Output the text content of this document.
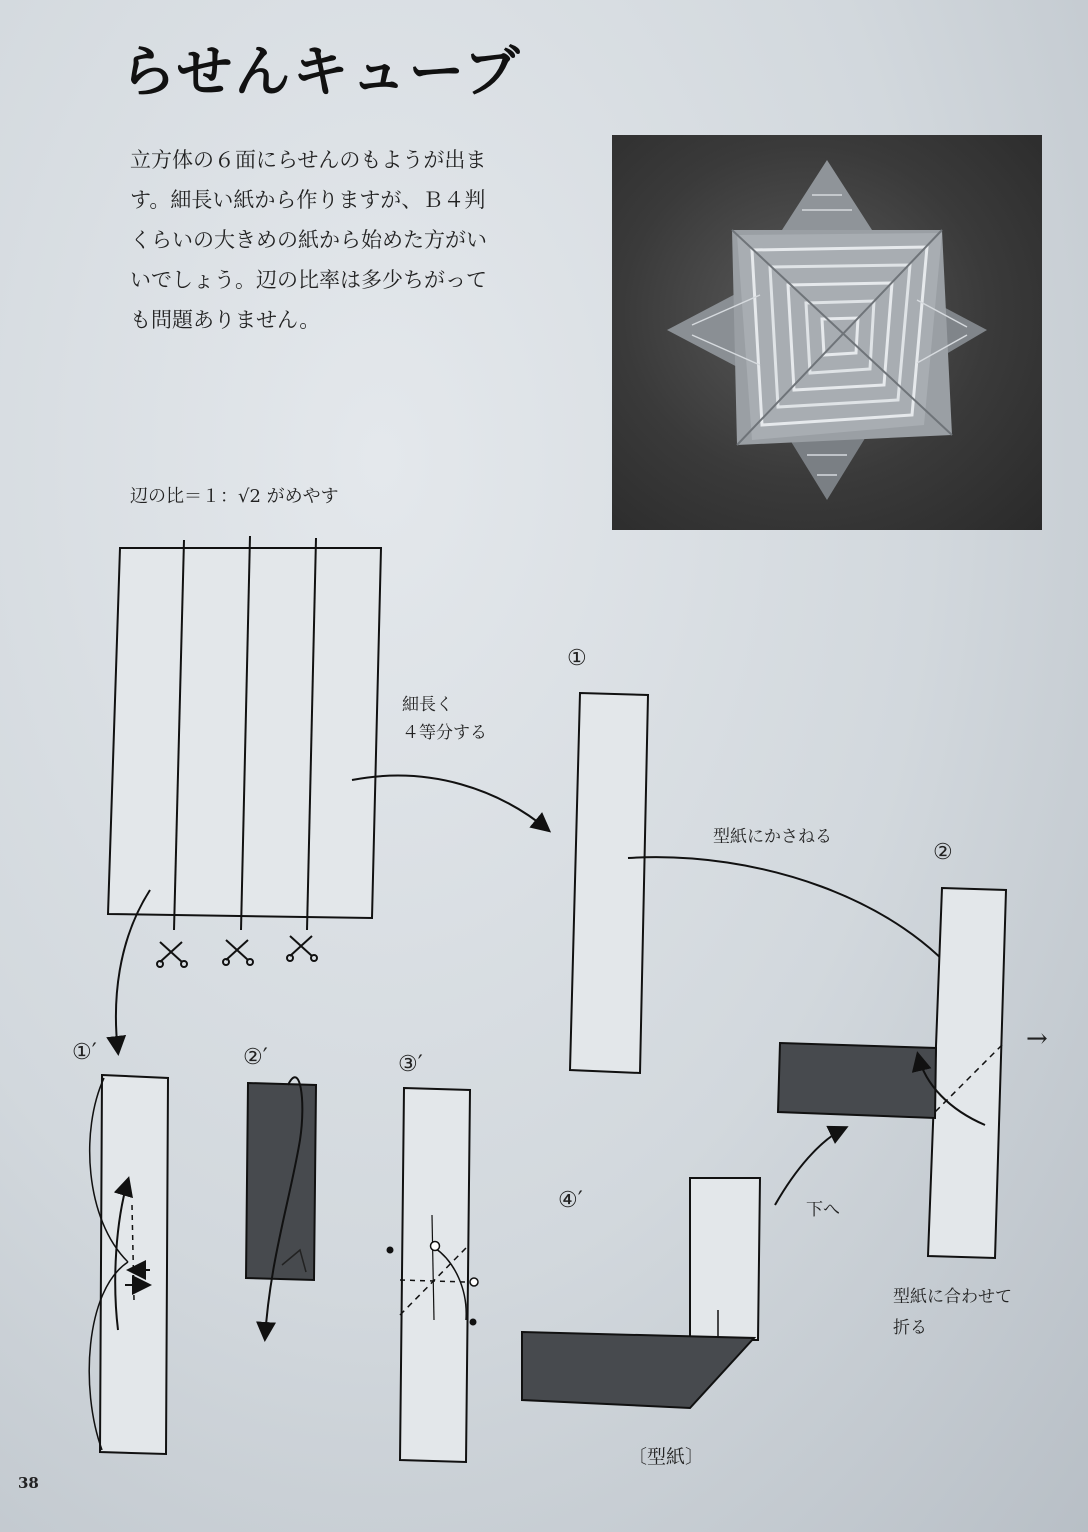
らせんキューブ
立方体の６面にらせんのもようが出ま
す。細長い紙から作りますが、Ｂ４判
くらいの大きめの紙から始めた方がい
いでしょう。辺の比率は多少ちがって
も問題ありません。
辺の比＝１：√2 がめやす
細長く
４等分する
型紙にかさねる
下へ
型紙に合わせて
折る
〔型紙〕
①
②
①′	②′	③′
④′
→
38
